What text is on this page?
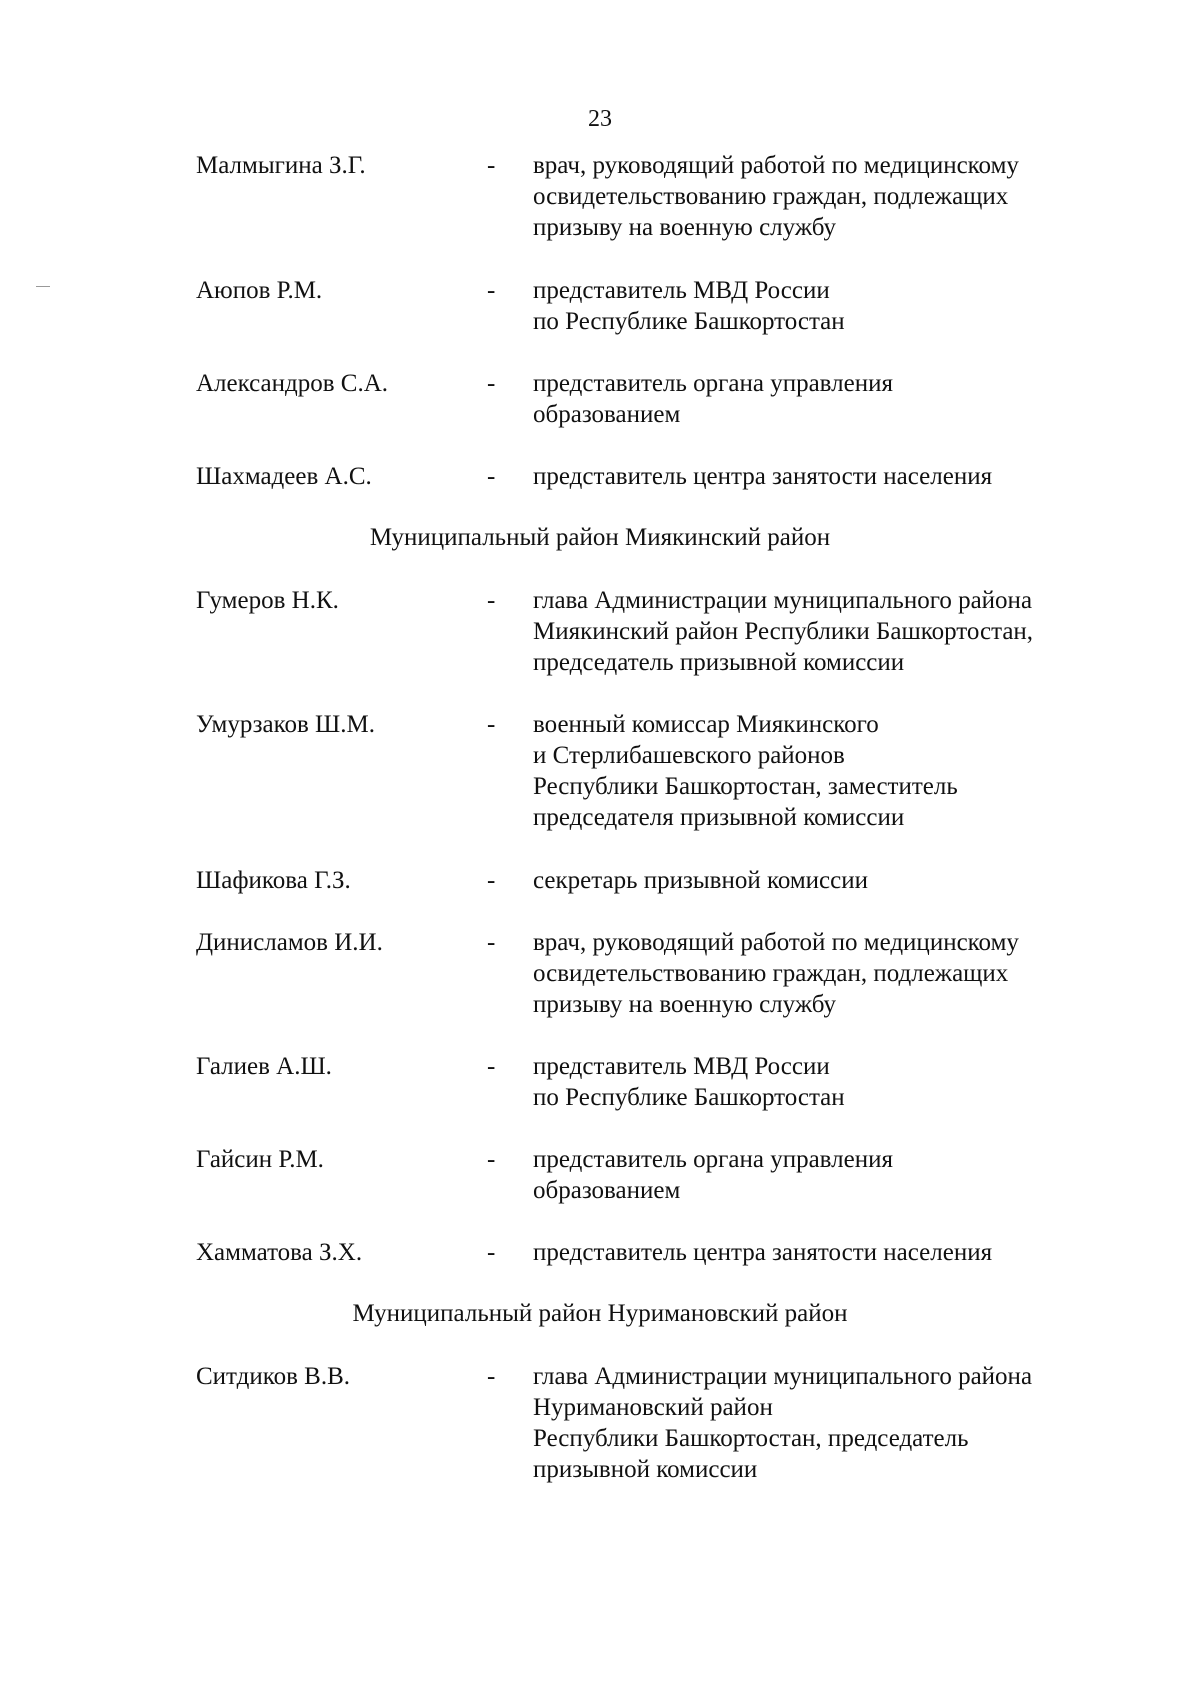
23
Малмыгина З.Г.	- врач, руководящий работой по медицинскому
освидетельствованию граждан, подлежащих
призыву на военную службу
Аюпов Р.М.	- представитель МВД России
по Республике Башкортостан
Александров С.А.	- представитель органа управления
образованием
Шахмадеев А.С.	- представитель центра занятости населения
Муниципальный район Миякинский район
Гумеров Н.К.	- глава Администрации муниципального района
Миякинский район Республики Башкортостан,
председатель призывной комиссии
Умурзаков Ш.М.	- военный комиссар Миякинского
и Стерлибашевского районов
Республики Башкортостан, заместитель
председателя призывной комиссии
Шафикова Г.З.	- секретарь призывной комиссии
Динисламов И.И.	- врач, руководящий работой по медицинскому
освидетельствованию граждан, подлежащих
призыву на военную службу
Галиев А.Ш.	- представитель МВД России
по Республике Башкортостан
Гайсин Р.М.	- представитель органа управления
образованием
Хамматова З.Х.	- представитель центра занятости населения
Муниципальный район Нуримановский район
Ситдиков В.В.	- глава Администрации муниципального района
Нуримановский район
Республики Башкортостан, председатель
призывной комиссии
